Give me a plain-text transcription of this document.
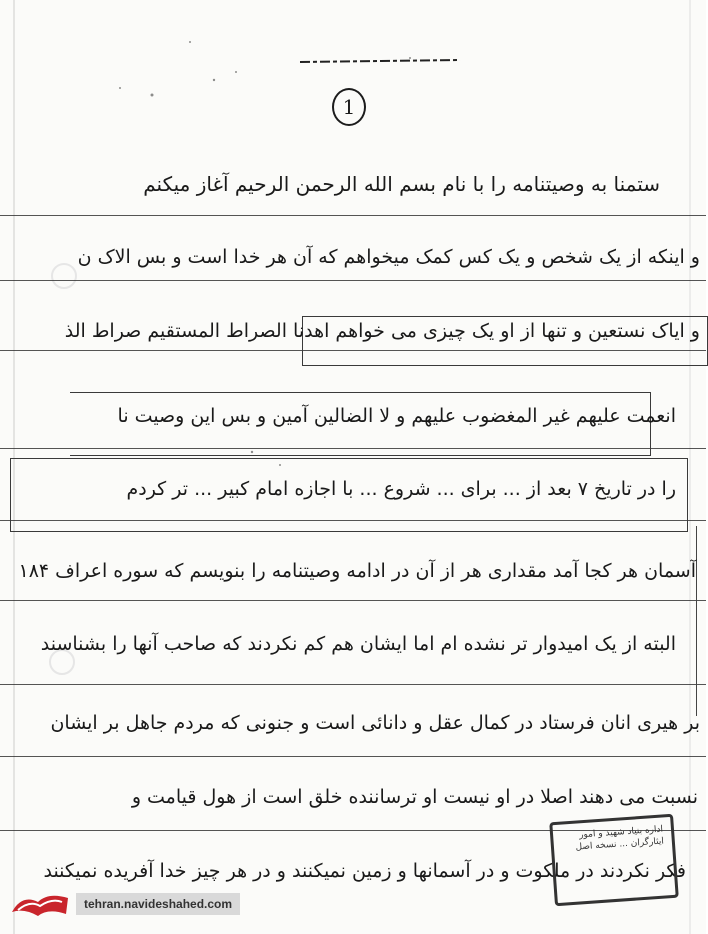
1
ستمنا به وصیتنامه را با نام بسم الله الرحمن الرحیم آغاز میکنم
و اینکه از یک شخص و یک کس کمک میخواهم که آن هر خدا است و بس الاک ن
و ایاک نستعین و تنها از او یک چیزی می خواهم اهدنا الصراط المستقیم صراط الذ
انعمت علیهم غیر المغضوب علیهم و لا الضالین آمین و بس این وصیت نا
را در تاریخ ۷ بعد از ... برای ... شروع ... با اجازه امام کبیر ... تر کردم
آسمان هر کجا آمد مقداری هر از آن در ادامه وصیتنامه را بنویسم که سوره اعراف ۱۸۴
البته از یک امیدوار تر نشده ام اما ایشان هم کم نکردند که صاحب آنها را بشناسند
بر هیری انان فرستاد در کمال عقل و دانائی است و جنونی که مردم جاهل بر ایشان
نسبت می دهند اصلا در او نیست او ترساننده خلق است از هول قیامت و
فکر نکردند در ملکوت و در آسمانها و زمین نمیکنند و در هر چیز خدا آفریده نمیکنند
اداره بنیاد شهید و امور ایثارگران ... نسخه اصل
tehran.navideshahed.com
